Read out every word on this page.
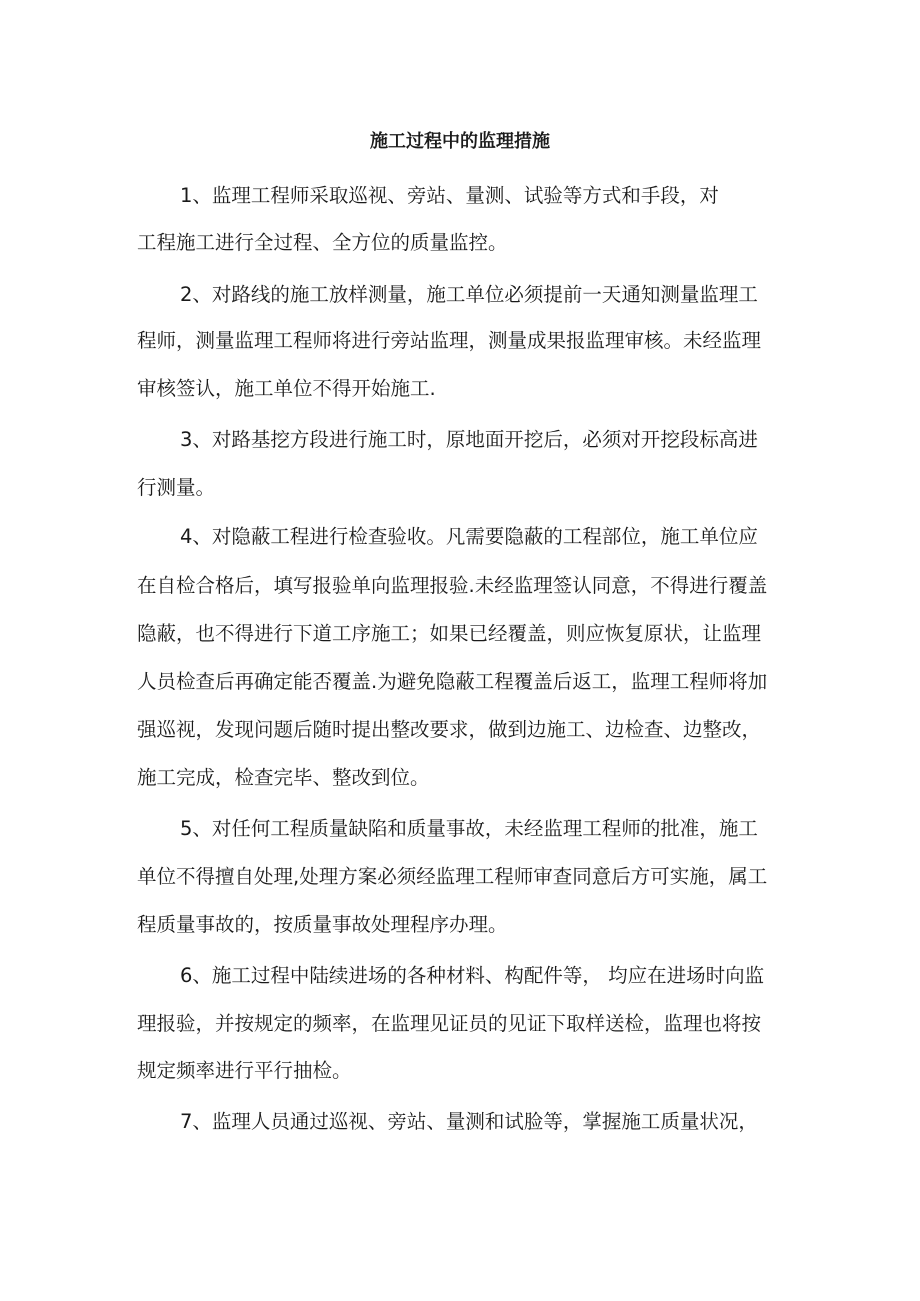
施工过程中的监理措施
1、监理工程师采取巡视、旁站、量测、试验等方式和手段，对
工程施工进行全过程、全方位的质量监控。
2、对路线的施工放样测量，施工单位必须提前一天通知测量监理工
程师，测量监理工程师将进行旁站监理，测量成果报监理审核。未经监理
审核签认，施工单位不得开始施工.
3、对路基挖方段进行施工时，原地面开挖后，必须对开挖段标高进
行测量。
4、对隐蔽工程进行检查验收。凡需要隐蔽的工程部位，施工单位应
在自检合格后，填写报验单向监理报验.未经监理签认同意，不得进行覆盖
隐蔽，也不得进行下道工序施工；如果已经覆盖，则应恢复原状，让监理
人员检查后再确定能否覆盖.为避免隐蔽工程覆盖后返工，监理工程师将加
强巡视，发现问题后随时提出整改要求，做到边施工、边检查、边整改，
施工完成，检查完毕、整改到位。
5、对任何工程质量缺陷和质量事故，未经监理工程师的批准，施工
单位不得擅自处理,处理方案必须经监理工程师审查同意后方可实施，属工
程质量事故的，按质量事故处理程序办理。
6、施工过程中陆续进场的各种材料、构配件等， 均应在进场时向监
理报验，并按规定的频率，在监理见证员的见证下取样送检，监理也将按
规定频率进行平行抽检。
7、监理人员通过巡视、旁站、量测和试脸等，掌握施工质量状况，
